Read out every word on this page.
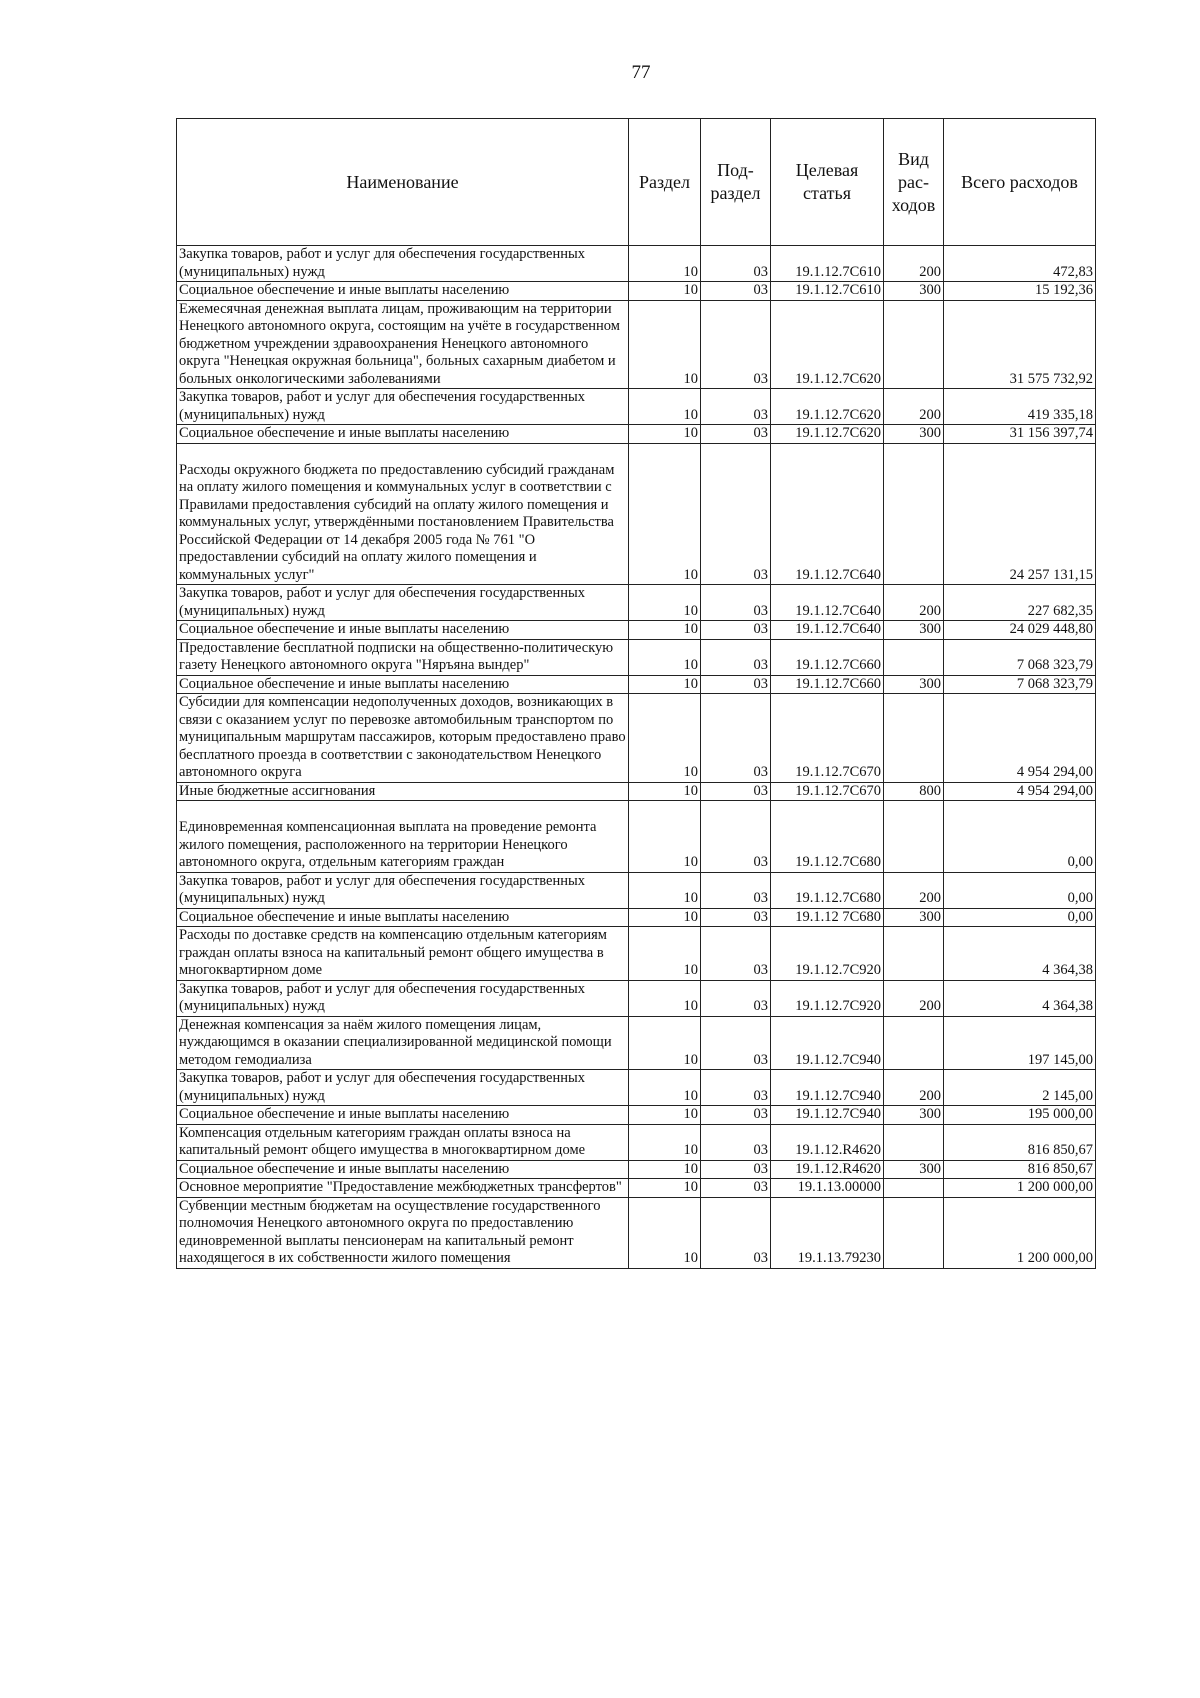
77
Наименование	Раздел	Под-раздел	Целевая статья	Вид рас-ходов	Всего расходов
Закупка товаров, работ и услуг для обеспечения государственных (муниципальных) нужд	10	03	19.1.12.7С610	200	472,83
Социальное обеспечение и иные выплаты населению	10	03	19.1.12.7С610	300	15 192,36
Ежемесячная денежная выплата лицам, проживающим на территории Ненецкого автономного округа, состоящим на учёте в государственном бюджетном учреждении здравоохранения Ненецкого автономного округа "Ненецкая окружная больница", больных сахарным диабетом и больных онкологическими заболеваниями	10	03	19.1.12.7С620		31 575 732,92
Закупка товаров, работ и услуг для обеспечения государственных (муниципальных) нужд	10	03	19.1.12.7С620	200	419 335,18
Социальное обеспечение и иные выплаты населению	10	03	19.1.12.7С620	300	31 156 397,74
Расходы окружного бюджета по предоставлению субсидий гражданам на оплату жилого помещения и коммунальных услуг в соответствии с Правилами предоставления субсидий на оплату жилого помещения и коммунальных услуг, утверждёнными постановлением Правительства Российской Федерации от 14 декабря 2005 года № 761 "О предоставлении субсидий на оплату жилого помещения и коммунальных услуг"	10	03	19.1.12.7С640		24 257 131,15
Закупка товаров, работ и услуг для обеспечения государственных (муниципальных) нужд	10	03	19.1.12.7С640	200	227 682,35
Социальное обеспечение и иные выплаты населению	10	03	19.1.12.7С640	300	24 029 448,80
Предоставление бесплатной подписки на общественно-политическую газету Ненецкого автономного округа "Няръяна вындер"	10	03	19.1.12.7С660		7 068 323,79
Социальное обеспечение и иные выплаты населению	10	03	19.1.12.7С660	300	7 068 323,79
Субсидии для компенсации недополученных доходов, возникающих в связи с оказанием услуг по перевозке автомобильным транспортом по муниципальным маршрутам пассажиров, которым предоставлено право бесплатного проезда в соответствии с законодательством Ненецкого автономного округа	10	03	19.1.12.7С670		4 954 294,00
Иные бюджетные ассигнования	10	03	19.1.12.7С670	800	4 954 294,00
Единовременная компенсационная выплата на проведение ремонта жилого помещения, расположенного на территории Ненецкого автономного округа, отдельным категориям граждан	10	03	19.1.12.7С680		0,00
Закупка товаров, работ и услуг для обеспечения государственных (муниципальных) нужд	10	03	19.1.12.7С680	200	0,00
Социальное обеспечение и иные выплаты населению	10	03	19.1.12 7С680	300	0,00
Расходы по доставке средств на компенсацию отдельным категориям граждан оплаты взноса на капитальный ремонт общего имущества в многоквартирном доме	10	03	19.1.12.7С920		4 364,38
Закупка товаров, работ и услуг для обеспечения государственных (муниципальных) нужд	10	03	19.1.12.7С920	200	4 364,38
Денежная компенсация за наём жилого помещения лицам, нуждающимся в оказании специализированной медицинской помощи методом гемодиализа	10	03	19.1.12.7С940		197 145,00
Закупка товаров, работ и услуг для обеспечения государственных (муниципальных) нужд	10	03	19.1.12.7С940	200	2 145,00
Социальное обеспечение и иные выплаты населению	10	03	19.1.12.7С940	300	195 000,00
Компенсация отдельным категориям граждан оплаты взноса на капитальный ремонт общего имущества в многоквартирном доме	10	03	19.1.12.R4620		816 850,67
Социальное обеспечение и иные выплаты населению	10	03	19.1.12.R4620	300	816 850,67
Основное мероприятие "Предоставление межбюджетных трансфертов"	10	03	19.1.13.00000		1 200 000,00
Субвенции местным бюджетам на осуществление государственного полномочия Ненецкого автономного округа по предоставлению единовременной выплаты пенсионерам на капитальный ремонт находящегося в их собственности жилого помещения	10	03	19.1.13.79230		1 200 000,00
